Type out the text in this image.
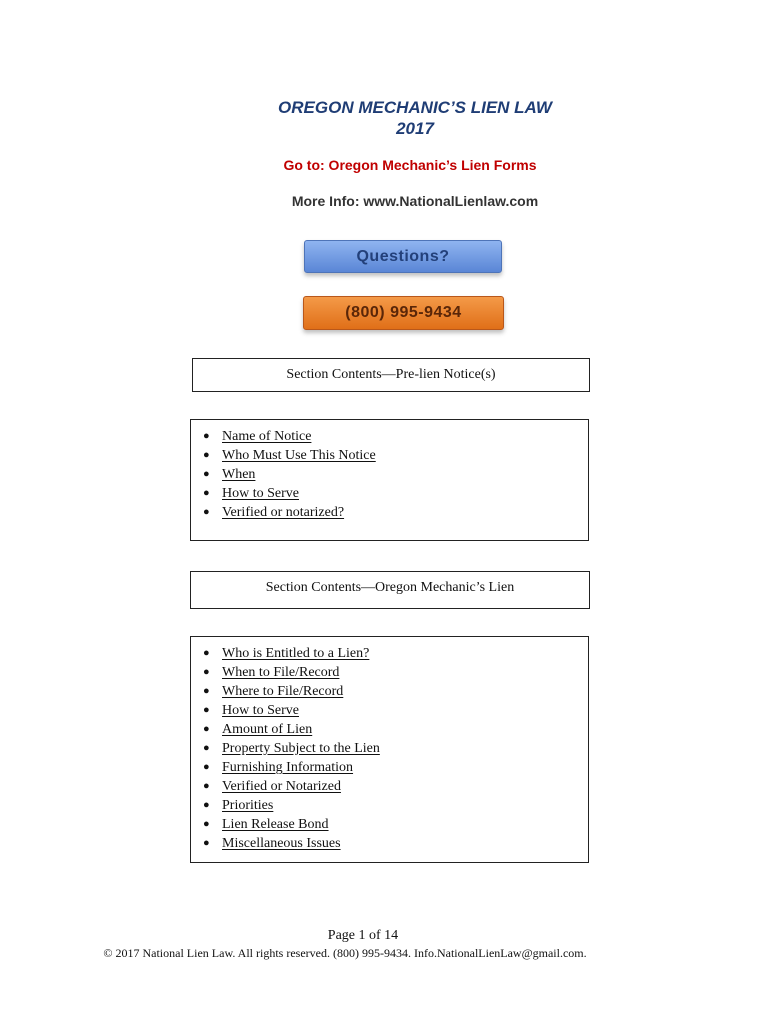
OREGON MECHANIC’S LIEN LAW
2017
Go to: Oregon Mechanic’s Lien Forms
More Info: www.NationalLienlaw.com
Questions?
(800) 995-9434
Section Contents—Pre-lien Notice(s)
● Name of Notice
● Who Must Use This Notice
● When
● How to Serve
● Verified or notarized?
Section Contents—Oregon Mechanic’s Lien
● Who is Entitled to a Lien?
● When to File/Record
● Where to File/Record
● How to Serve
● Amount of Lien
● Property Subject to the Lien
● Furnishing Information
● Verified or Notarized
● Priorities
● Lien Release Bond
● Miscellaneous Issues
Page 1 of 14
© 2017 National Lien Law. All rights reserved. (800) 995-9434. Info.NationalLienLaw@gmail.com.
